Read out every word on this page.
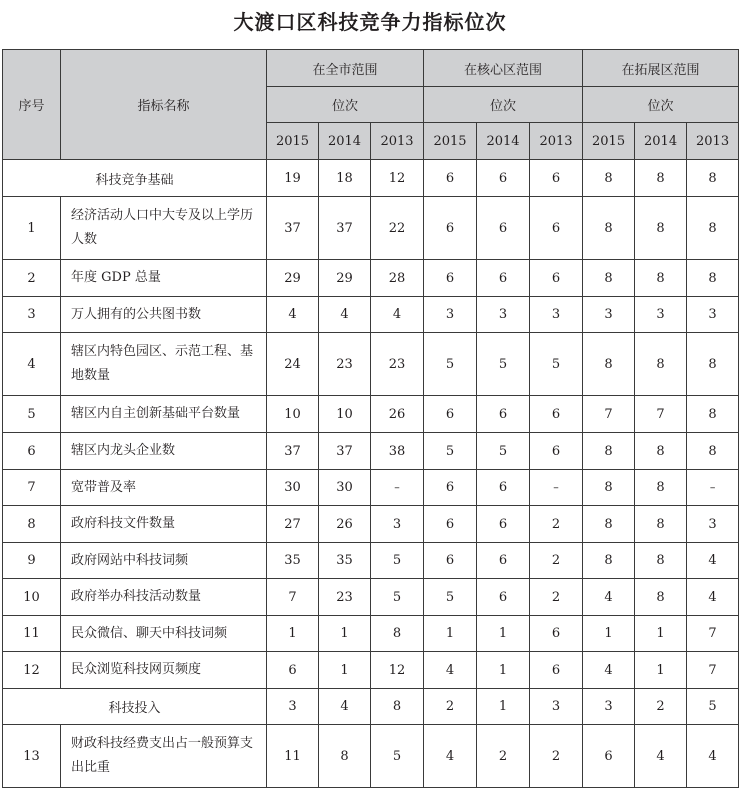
大渡口区科技竞争力指标位次
序号	指标名称	在全市范围			在核心区范围			在拓展区范围		
		位次			位次			位次		
		2015	2014	2013	2015	2014	2013	2015	2014	2013
科技竞争基础		19	18	12	6	6	6	8	8	8
1	经济活动人口中大专及以上学历人数	37	37	22	6	6	6	8	8	8
2	年度 GDP 总量	29	29	28	6	6	6	8	8	8
3	万人拥有的公共图书数	4	4	4	3	3	3	3	3	3
4	辖区内特色园区、示范工程、基地数量	24	23	23	5	5	5	8	8	8
5	辖区内自主创新基础平台数量	10	10	26	6	6	6	7	7	8
6	辖区内龙头企业数	37	37	38	5	5	6	8	8	8
7	宽带普及率	30	30	–	6	6	–	8	8	–
8	政府科技文件数量	27	26	3	6	6	2	8	8	3
9	政府网站中科技词频	35	35	5	6	6	2	8	8	4
10	政府举办科技活动数量	7	23	5	5	6	2	4	8	4
11	民众微信、聊天中科技词频	1	1	8	1	1	6	1	1	7
12	民众浏览科技网页频度	6	1	12	4	1	6	4	1	7
科技投入		3	4	8	2	1	3	3	2	5
13	财政科技经费支出占一般预算支出比重	11	8	5	4	2	2	6	4	4
